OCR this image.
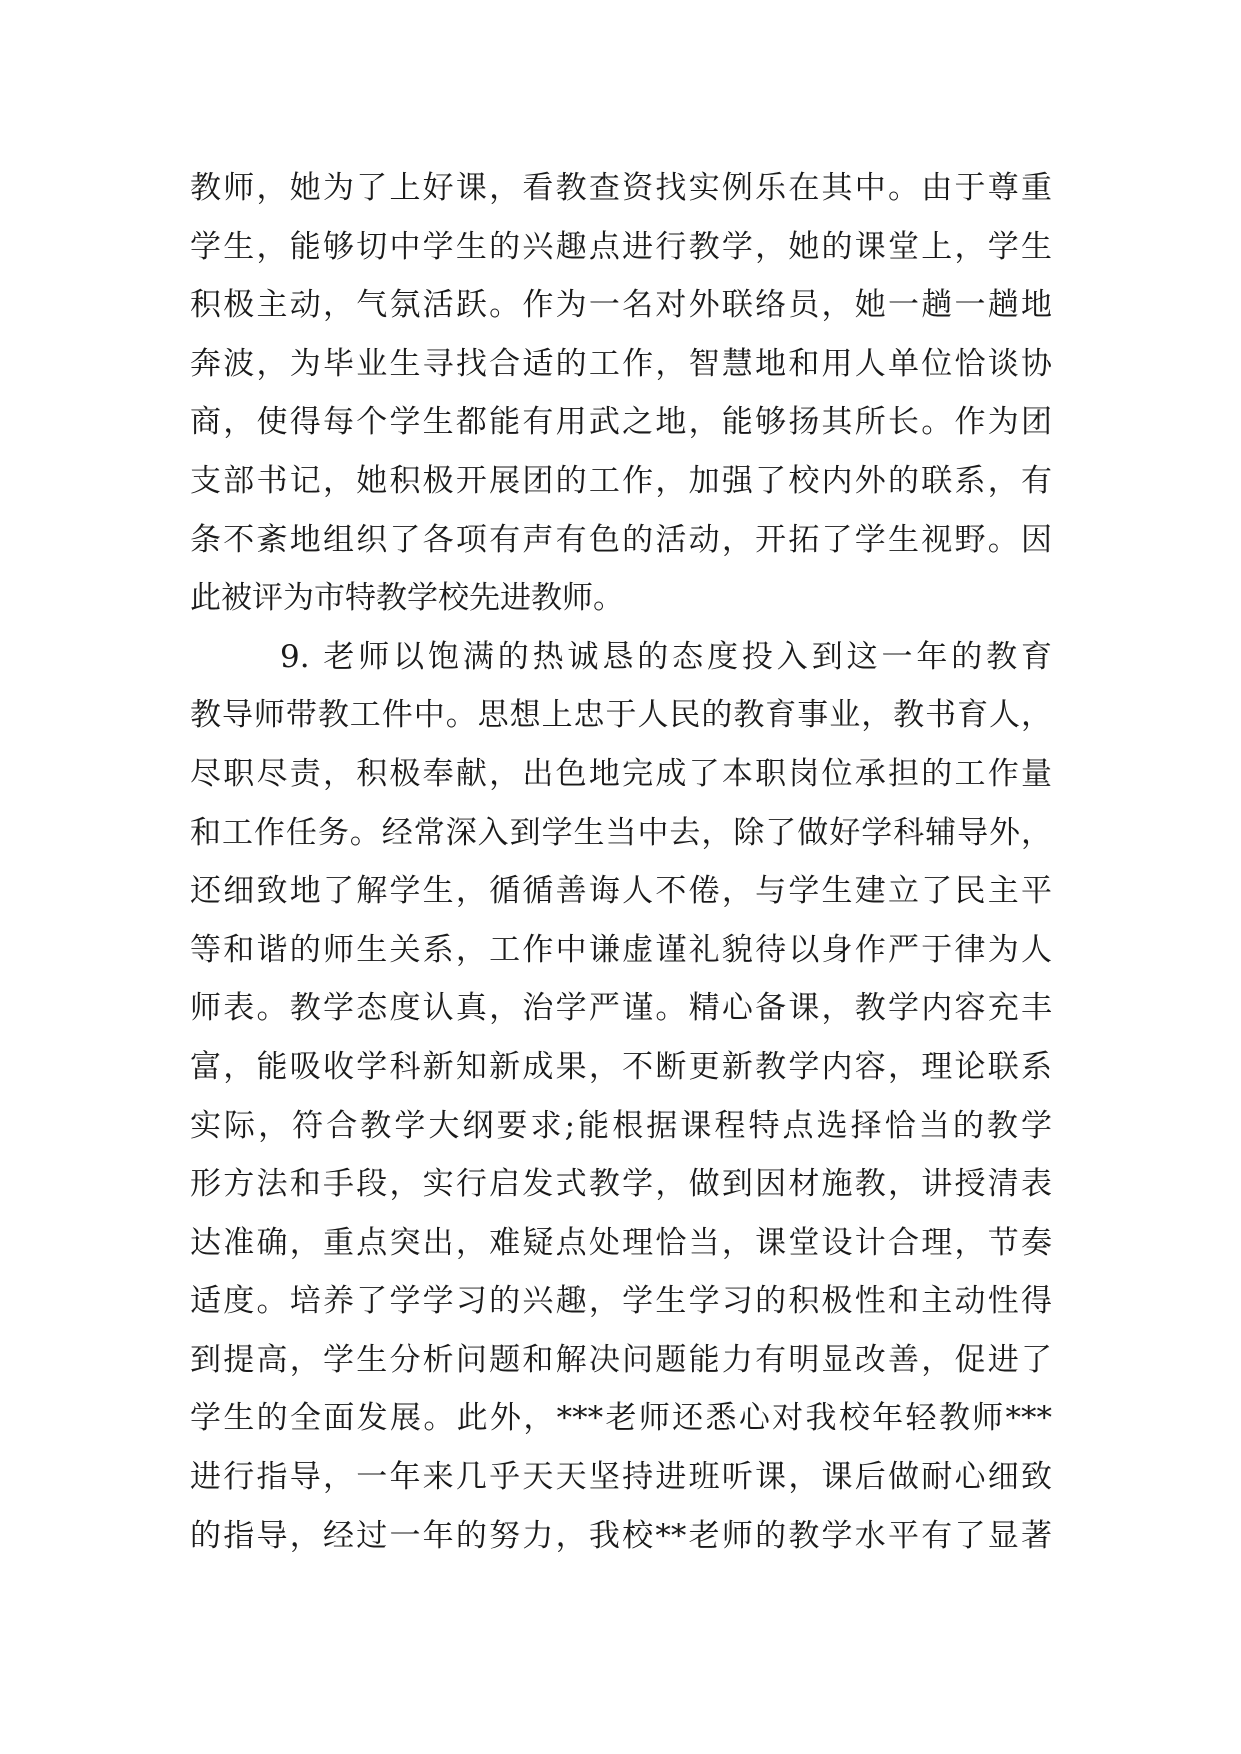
教师，她为了上好课，看教查资找实例乐在其中。由于尊重
学生，能够切中学生的兴趣点进行教学，她的课堂上，学生
积极主动，气氛活跃。作为一名对外联络员，她一趟一趟地
奔波，为毕业生寻找合适的工作，智慧地和用人单位恰谈协
商，使得每个学生都能有用武之地，能够扬其所长。作为团
支部书记，她积极开展团的工作，加强了校内外的联系，有
条不紊地组织了各项有声有色的活动，开拓了学生视野。因
此被评为市特教学校先进教师。
9. 老师以饱满的热诚恳的态度投入到这一年的教育
教导师带教工件中。思想上忠于人民的教育事业，教书育人，
尽职尽责，积极奉献，出色地完成了本职岗位承担的工作量
和工作任务。经常深入到学生当中去，除了做好学科辅导外，
还细致地了解学生，循循善诲人不倦，与学生建立了民主平
等和谐的师生关系，工作中谦虚谨礼貌待以身作严于律为人
师表。教学态度认真，治学严谨。精心备课，教学内容充丰
富，能吸收学科新知新成果，不断更新教学内容，理论联系
实际，符合教学大纲要求;能根据课程特点选择恰当的教学
形方法和手段，实行启发式教学，做到因材施教，讲授清表
达准确，重点突出，难疑点处理恰当，课堂设计合理，节奏
适度。培养了学学习的兴趣，学生学习的积极性和主动性得
到提高，学生分析问题和解决问题能力有明显改善，促进了
学生的全面发展。此外，***老师还悉心对我校年轻教师***
进行指导，一年来几乎天天坚持进班听课，课后做耐心细致
的指导，经过一年的努力，我校**老师的教学水平有了显著
